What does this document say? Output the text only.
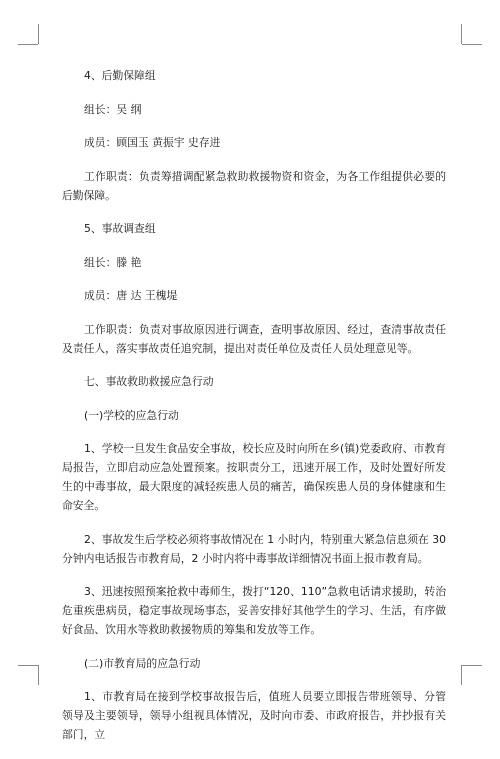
4、后勤保障组

组长：吴 纲

成员：顾国玉 黄振宇 史存进

工作职责：负责筹措调配紧急救助救援物资和资金，为各工作组提供必要的后勤保障。

5、事故调查组

组长：滕 艳

成员：唐 达 王槐堤

工作职责：负责对事故原因进行调查，查明事故原因、经过，查清事故责任及责任人，落实事故责任追究制，提出对责任单位及责任人员处理意见等。

七、事故救助救援应急行动

(一)学校的应急行动

1、学校一旦发生食品安全事故，校长应及时向所在乡(镇)党委政府、市教育局报告，立即启动应急处置预案。按职责分工，迅速开展工作，及时处置好所发生的中毒事故，最大限度的减轻疾患人员的痛苦，确保疾患人员的身体健康和生命安全。

2、事故发生后学校必须将事故情况在 1 小时内，特别重大紧急信息须在 30 分钟内电话报告市教育局，2 小时内将中毒事故详细情况书面上报市教育局。

3、迅速按照预案抢救中毒师生，拨打“120、110”急救电话请求援助，转治危重疾患病员，稳定事故现场事态，妥善安排好其他学生的学习、生活，有序做好食品、饮用水等救助救援物质的筹集和发放等工作。

(二)市教育局的应急行动

1、市教育局在接到学校事故报告后，值班人员要立即报告带班领导、分管领导及主要领导，领导小组视具体情况，及时向市委、市政府报告，并抄报有关部门，立
